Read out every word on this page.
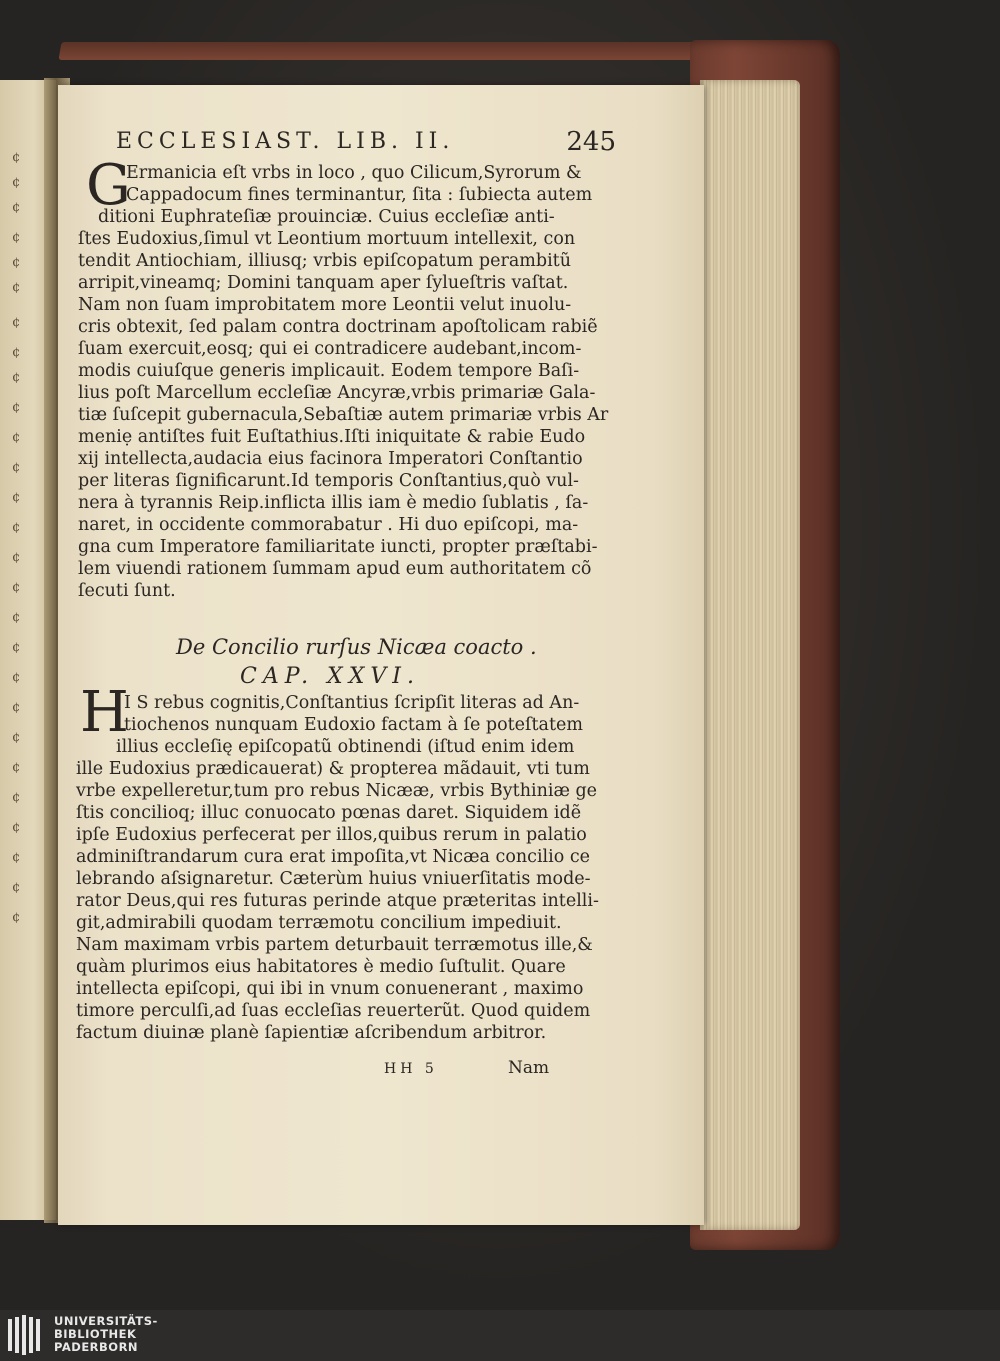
¢
¢
¢
¢
¢
¢
¢
¢
¢
¢
¢
¢
¢
¢
¢
¢
¢
¢
¢
¢
¢
¢
¢
¢
¢
¢
¢
ECCLESIAST. LIB. II.	245
G
Ermanicia eſt vrbs in loco , quo Cilicum,Syrorum &
Cappadocum fines terminantur, ſita : ſubiecta autem
ditioni Euphrateſiæ prouinciæ. Cuius eccleſiæ anti-
ſtes Eudoxius,ſimul vt Leontium mortuum intellexit, con
tendit Antiochiam, illiusq; vrbis epiſcopatum perambitũ
arripit,vineamq; Domini tanquam aper ſylueſtris vaſtat.
Nam non ſuam improbitatem more Leontii velut inuolu-
cris obtexit, ſed palam contra doctrinam apoſtolicam rabiẽ
ſuam exercuit,eosq; qui ei contradicere audebant,incom-
modis cuiuſque generis implicauit. Eodem tempore Baſi-
lius poſt Marcellum eccleſiæ Ancyræ,vrbis primariæ Gala-
tiæ ſuſcepit gubernacula,Sebaſtiæ autem primariæ vrbis Ar
meniẹ antiſtes fuit Euſtathius.Iſti iniquitate & rabie Eudo
xij intellecta,audacia eius facinora Imperatori Conſtantio
per literas ſignificarunt.Id temporis Conſtantius,quò vul-
nera à tyrannis Reip.inflicta illis iam è medio ſublatis , ſa-
naret, in occidente commorabatur . Hi duo epiſcopi, ma-
gna cum Imperatore familiaritate iuncti, propter præſtabi-
lem viuendi rationem ſummam apud eum authoritatem cõ
ſecuti ſunt.
De Concilio rurſus Nicæa coacto .
CAP. XXVI.
H
I S rebus cognitis,Conſtantius ſcripſit literas ad An-
tiochenos nunquam Eudoxio factam à ſe poteſtatem
illius eccleſię epiſcopatũ obtinendi (iſtud enim idem
ille Eudoxius prædicauerat) & propterea mãdauit, vti tum
vrbe expelleretur,tum pro rebus Nicææ, vrbis Bythiniæ ge
ſtis concilioq; illuc conuocato pœnas daret. Siquidem idẽ
ipſe Eudoxius perfecerat per illos,quibus rerum in palatio
adminiſtrandarum cura erat impoſita,vt Nicæa concilio ce
lebrando aſsignaretur. Cæterùm huius vniuerſitatis mode-
rator Deus,qui res futuras perinde atque præteritas intelli-
git,admirabili quodam terræmotu concilium impediuit.
Nam maximam vrbis partem deturbauit terræmotus ille,&
quàm plurimos eius habitatores è medio ſuſtulit. Quare
intellecta epiſcopi, qui ibi in vnum conuenerant , maximo
timore perculſi,ad ſuas eccleſias reuerterũt. Quod quidem
factum diuinæ planè ſapientiæ aſcribendum arbitror.
HH 5	Nam
UNIVERSITÄTS-
BIBLIOTHEK
PADERBORN
